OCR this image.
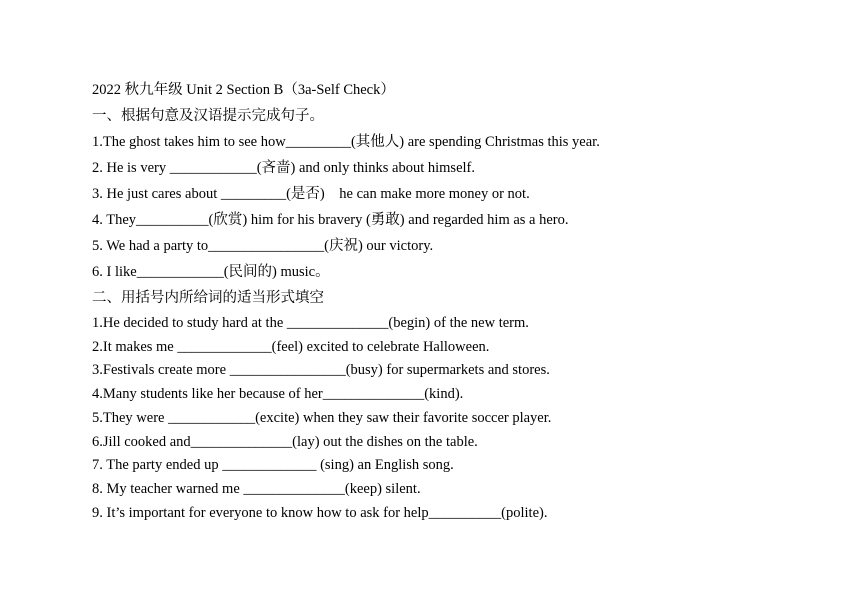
2022 秋九年级 Unit 2 Section B（3a-Self Check）
一、根据句意及汉语提示完成句子。
1.The ghost takes him to see how_________(其他人) are spending Christmas this year.
2. He is very ____________(吝啬) and only thinks about himself.
3. He just cares about _________(是否)    he can make more money or not.
4. They__________(欣赏) him for his bravery (勇敢) and regarded him as a hero.
5. We had a party to________________(庆祝) our victory.
6. I like____________(民间的) music。
二、用括号内所给词的适当形式填空
1.He decided to study hard at the ______________(begin) of the new term.
2.It makes me _____________(feel) excited to celebrate Halloween.
3.Festivals create more ________________(busy) for supermarkets and stores.
4.Many students like her because of her______________(kind).
5.They were ____________(excite) when they saw their favorite soccer player.
6.Jill cooked and______________(lay) out the dishes on the table.
7. The party ended up _____________ (sing) an English song.
8. My teacher warned me ______________(keep) silent.
9. It’s important for everyone to know how to ask for help__________(polite).
